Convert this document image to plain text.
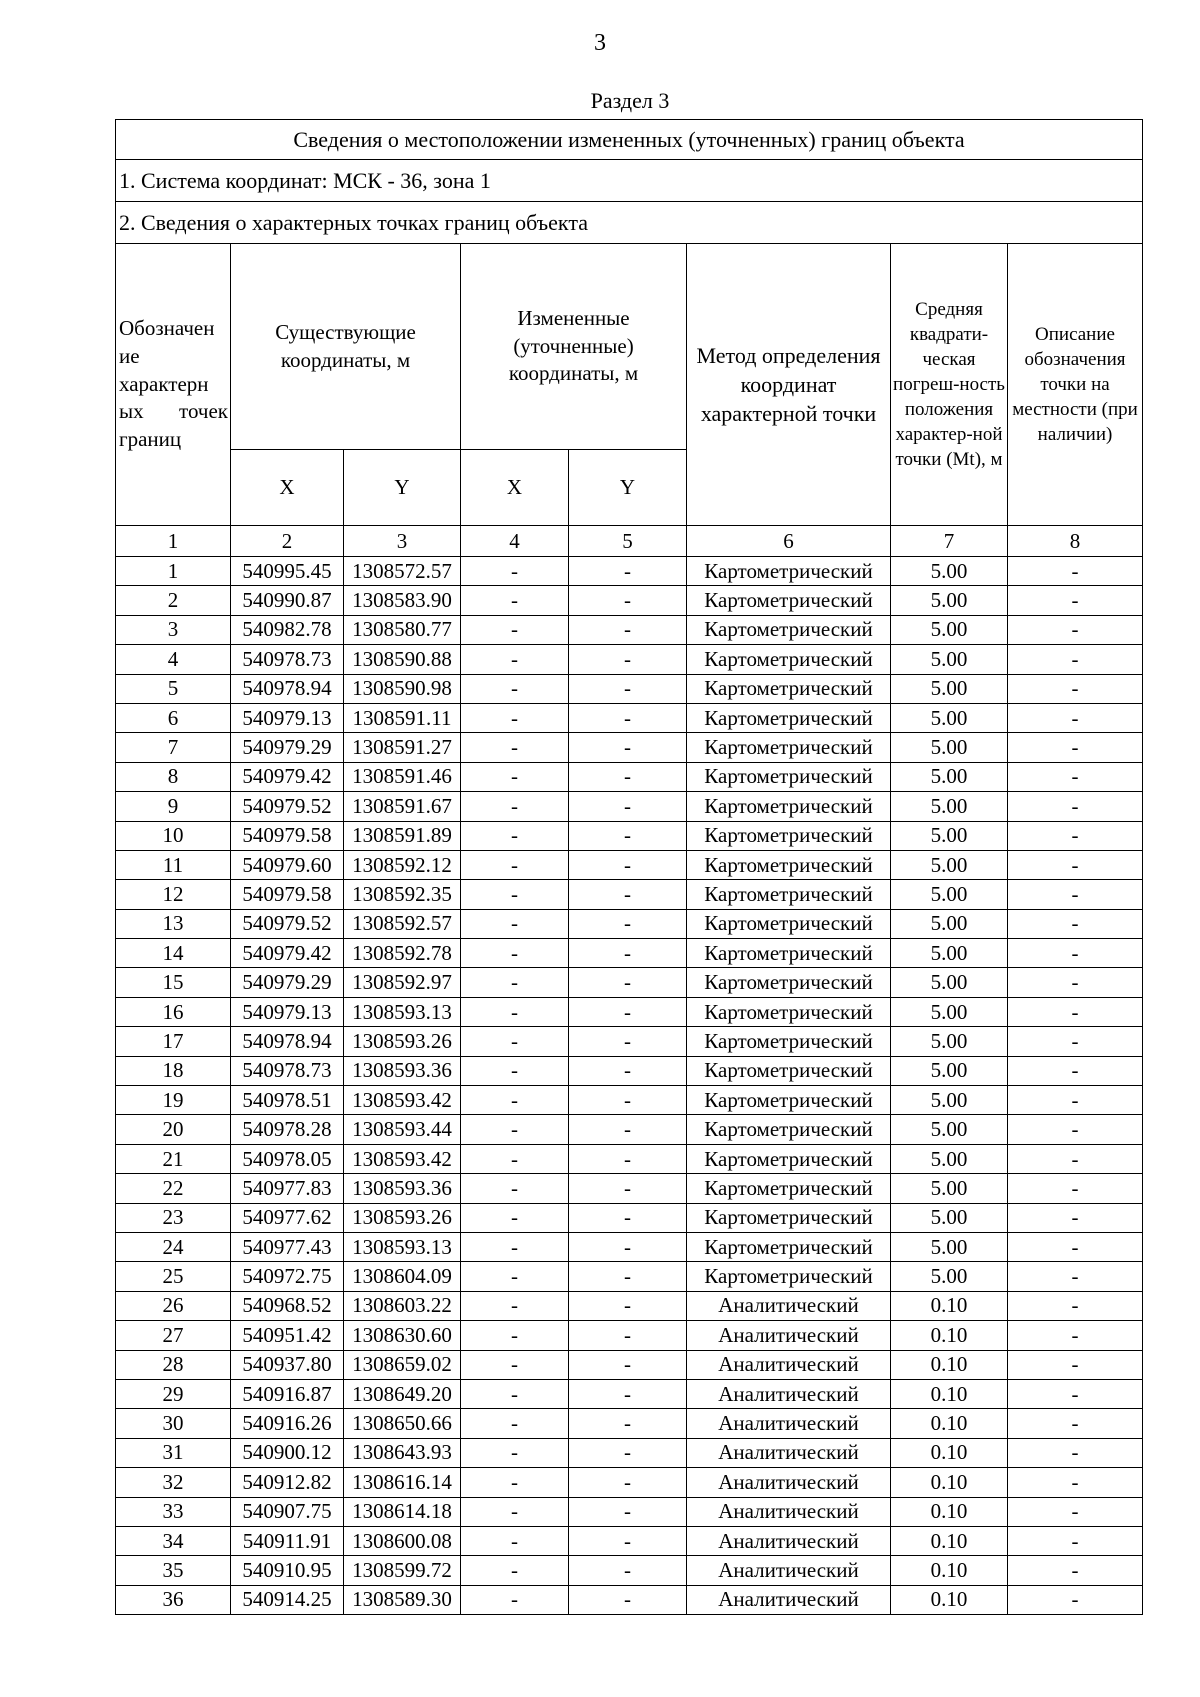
3
Раздел 3
Сведения о местоположении измененных (уточненных) границ объекта							
1. Система координат: МСК - 36, зона 1							
2. Сведения о характерных точках границ объекта							

Обозначен
ие
характерн
ых точек
границ	Существующие координаты, м		Измененные (уточненные) координаты, м		Метод определения координат характерной точки	Средняя квадрати-ческая погреш-ность положения характер-ной точки (Mt), м	Описание обозначения точки на местности (при наличии)
	X	Y	X	Y			
1	2	3	4	5	6	7	8
1	540995.45	1308572.57	-	-	Картометрический	5.00	-
2	540990.87	1308583.90	-	-	Картометрический	5.00	-
3	540982.78	1308580.77	-	-	Картометрический	5.00	-
4	540978.73	1308590.88	-	-	Картометрический	5.00	-
5	540978.94	1308590.98	-	-	Картометрический	5.00	-
6	540979.13	1308591.11	-	-	Картометрический	5.00	-
7	540979.29	1308591.27	-	-	Картометрический	5.00	-
8	540979.42	1308591.46	-	-	Картометрический	5.00	-
9	540979.52	1308591.67	-	-	Картометрический	5.00	-
10	540979.58	1308591.89	-	-	Картометрический	5.00	-
11	540979.60	1308592.12	-	-	Картометрический	5.00	-
12	540979.58	1308592.35	-	-	Картометрический	5.00	-
13	540979.52	1308592.57	-	-	Картометрический	5.00	-
14	540979.42	1308592.78	-	-	Картометрический	5.00	-
15	540979.29	1308592.97	-	-	Картометрический	5.00	-
16	540979.13	1308593.13	-	-	Картометрический	5.00	-
17	540978.94	1308593.26	-	-	Картометрический	5.00	-
18	540978.73	1308593.36	-	-	Картометрический	5.00	-
19	540978.51	1308593.42	-	-	Картометрический	5.00	-
20	540978.28	1308593.44	-	-	Картометрический	5.00	-
21	540978.05	1308593.42	-	-	Картометрический	5.00	-
22	540977.83	1308593.36	-	-	Картометрический	5.00	-
23	540977.62	1308593.26	-	-	Картометрический	5.00	-
24	540977.43	1308593.13	-	-	Картометрический	5.00	-
25	540972.75	1308604.09	-	-	Картометрический	5.00	-
26	540968.52	1308603.22	-	-	Аналитический	0.10	-
27	540951.42	1308630.60	-	-	Аналитический	0.10	-
28	540937.80	1308659.02	-	-	Аналитический	0.10	-
29	540916.87	1308649.20	-	-	Аналитический	0.10	-
30	540916.26	1308650.66	-	-	Аналитический	0.10	-
31	540900.12	1308643.93	-	-	Аналитический	0.10	-
32	540912.82	1308616.14	-	-	Аналитический	0.10	-
33	540907.75	1308614.18	-	-	Аналитический	0.10	-
34	540911.91	1308600.08	-	-	Аналитический	0.10	-
35	540910.95	1308599.72	-	-	Аналитический	0.10	-
36	540914.25	1308589.30	-	-	Аналитический	0.10	-
